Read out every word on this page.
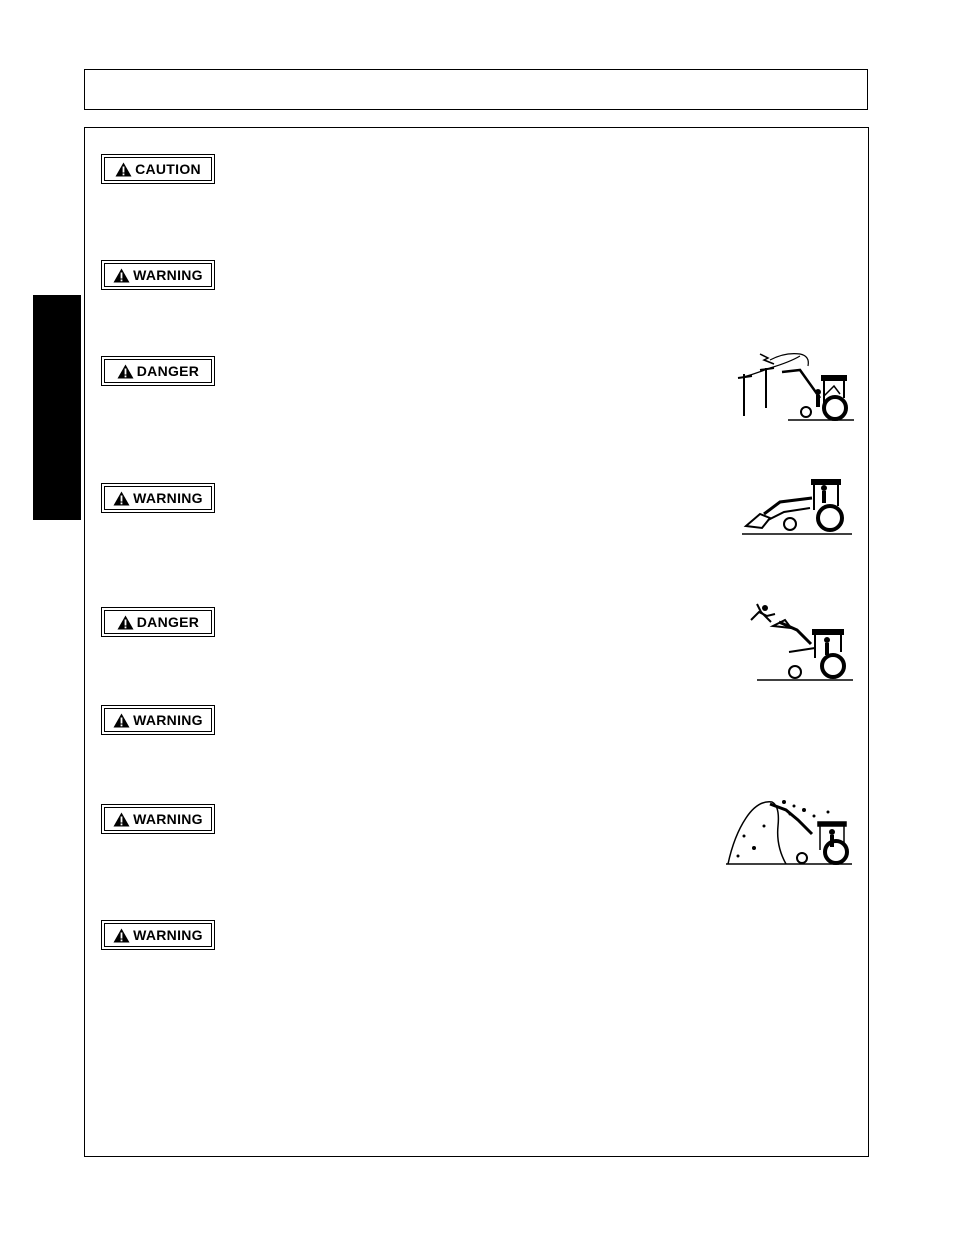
CAUTION
WARNING
DANGER
WARNING
DANGER
WARNING
WARNING
WARNING
